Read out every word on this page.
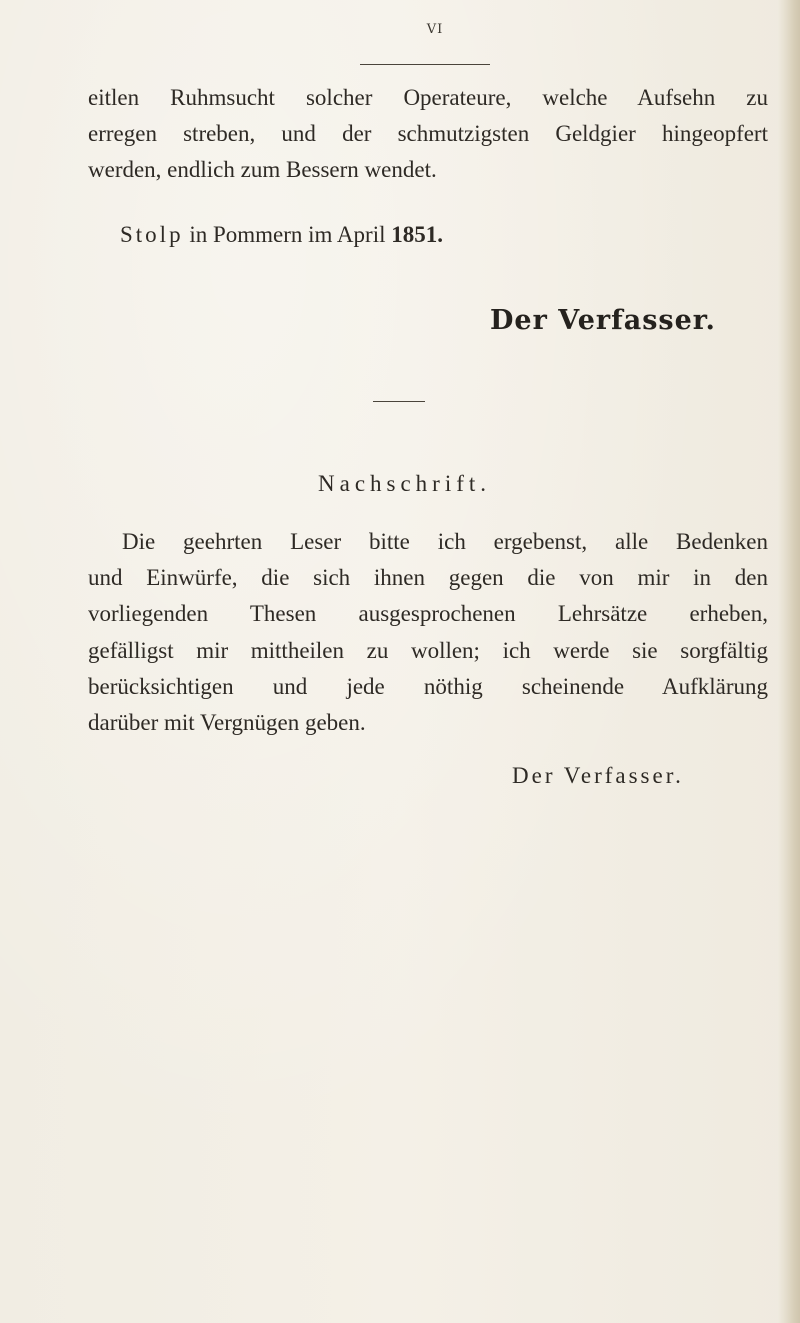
VI
eitlen Ruhmsucht solcher Operateure, welche Aufsehn zu
erregen streben, und der schmutzigsten Geldgier hingeopfert
werden, endlich zum Bessern wendet.
Stolp in Pommern im April 1851.
Der Verfasser.
Nachschrift.
Die geehrten Leser bitte ich ergebenst, alle Bedenken
und Einwürfe, die sich ihnen gegen die von mir in den
vorliegenden Thesen ausgesprochenen Lehrsätze erheben,
gefälligst mir mittheilen zu wollen; ich werde sie sorgfältig
berücksichtigen und jede nöthig scheinende Aufklärung
darüber mit Vergnügen geben.
Der Verfasser.
